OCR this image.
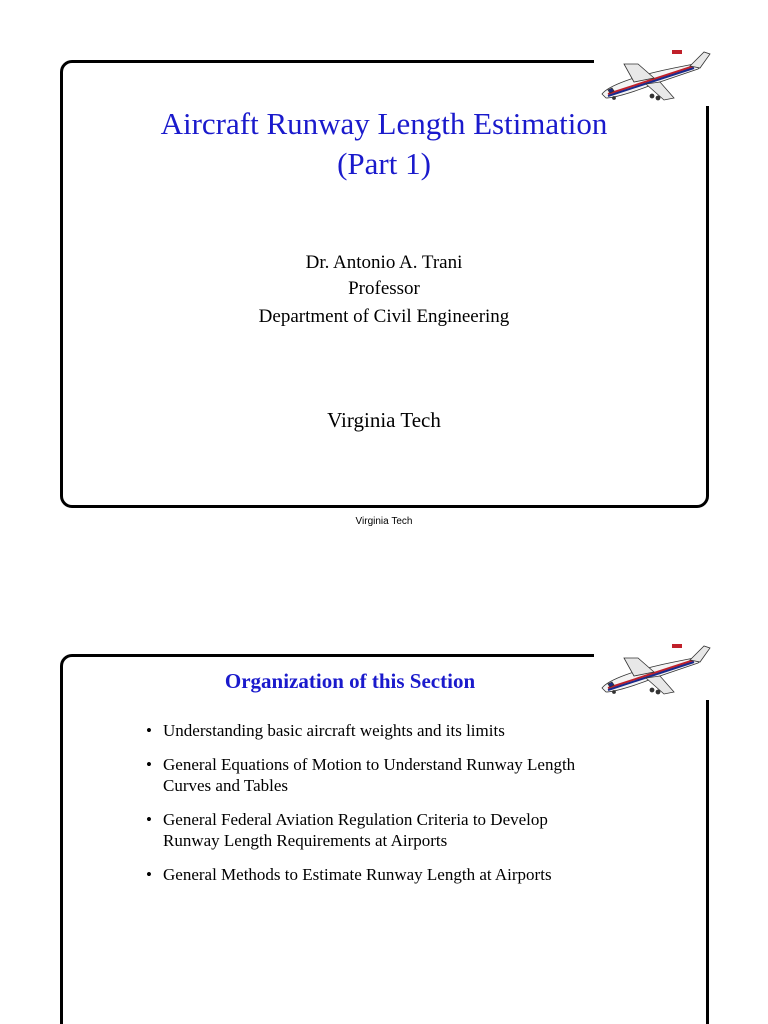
Aircraft Runway Length Estimation
(Part 1)
Dr. Antonio A. Trani
Professor
Department of Civil Engineering
Virginia Tech
Virginia Tech
Organization of this Section
• Understanding basic aircraft weights and its limits
• General Equations of Motion to Understand Runway Length
Curves and Tables
• General Federal Aviation Regulation Criteria to Develop
Runway Length Requirements at Airports
• General Methods to Estimate Runway Length at Airports
